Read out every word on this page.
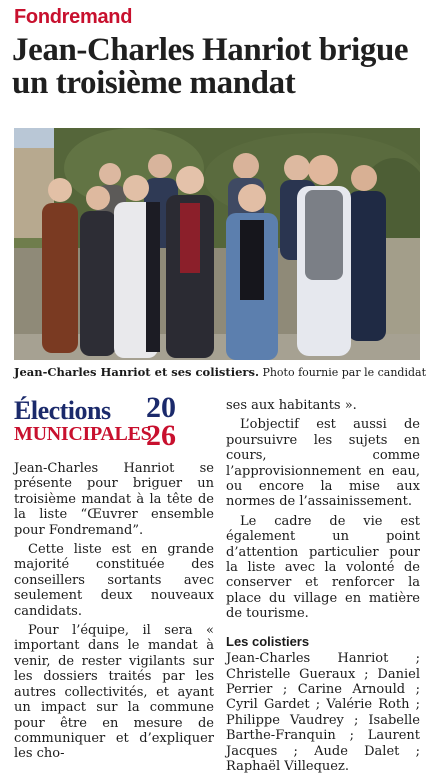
Fondremand
Jean-Charles Hanriot brigue un troisième mandat
Jean-Charles Hanriot et ses colistiers. Photo fournie par le candidat
Élections
MUNICIPALES
20
26

Jean-Charles Hanriot se présente pour briguer un troisième mandat à la tête de la liste “Œuvrer ensemble pour Fondremand”.

Cette liste est en grande majorité constituée des conseillers sortants avec seulement deux nouveaux candidats.

Pour l’équipe, il sera « important dans le mandat à venir, de rester vigilants sur les dossiers traités par les autres collectivités, et ayant un impact sur la commune pour être en mesure de communiquer et d’expliquer les cho-

ses aux habitants ».

L’objectif est aussi de poursuivre les sujets en cours, comme l’approvisionnement en eau, ou encore la mise aux normes de l’assainissement.

Le cadre de vie est également un point d’attention particulier pour la liste avec la volonté de conserver et renforcer la place du village en matière de tourisme.

Les colistiers

Jean-Charles Hanriot ; Christelle Gueraux ; Daniel Perrier ; Carine Arnould ; Cyril Gardet ; Valérie Roth ; Philippe Vaudrey ; Isabelle Barthe-Franquin ; Laurent Jacques ; Aude Dalet ; Raphaël Villequez.
